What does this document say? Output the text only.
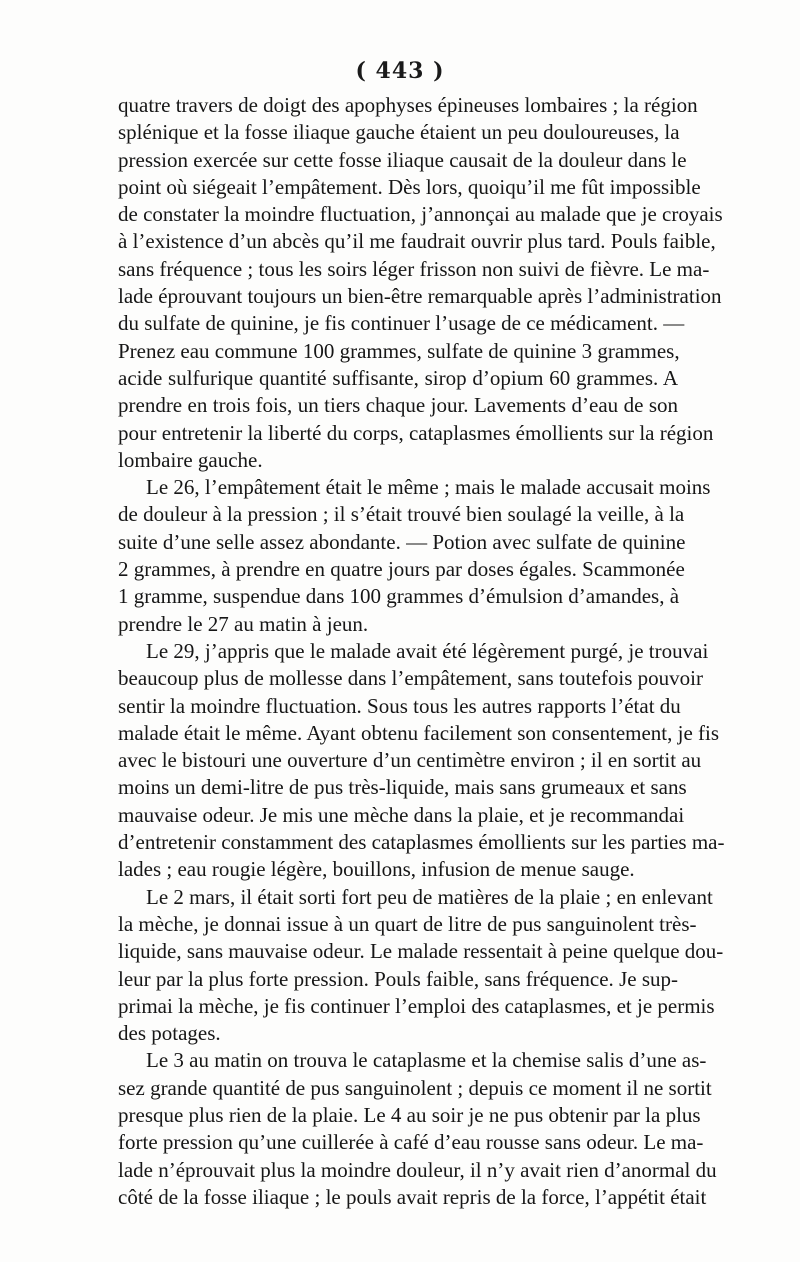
( 443 )
quatre travers de doigt des apophyses épineuses lombaires ; la région
splénique et la fosse iliaque gauche étaient un peu douloureuses, la
pression exercée sur cette fosse iliaque causait de la douleur dans le
point où siégeait l’empâtement. Dès lors, quoiqu’il me fût impossible
de constater la moindre fluctuation, j’annonçai au malade que je croyais
à l’existence d’un abcès qu’il me faudrait ouvrir plus tard. Pouls faible,
sans fréquence ; tous les soirs léger frisson non suivi de fièvre. Le ma-
lade éprouvant toujours un bien-être remarquable après l’administration
du sulfate de quinine, je fis continuer l’usage de ce médicament. —
Prenez eau commune 100 grammes, sulfate de quinine 3 grammes,
acide sulfurique quantité suffisante, sirop d’opium 60 grammes. A
prendre en trois fois, un tiers chaque jour. Lavements d’eau de son
pour entretenir la liberté du corps, cataplasmes émollients sur la région
lombaire gauche.
Le 26, l’empâtement était le même ; mais le malade accusait moins
de douleur à la pression ; il s’était trouvé bien soulagé la veille, à la
suite d’une selle assez abondante. — Potion avec sulfate de quinine
2 grammes, à prendre en quatre jours par doses égales. Scammonée
1 gramme, suspendue dans 100 grammes d’émulsion d’amandes, à
prendre le 27 au matin à jeun.
Le 29, j’appris que le malade avait été légèrement purgé, je trouvai
beaucoup plus de mollesse dans l’empâtement, sans toutefois pouvoir
sentir la moindre fluctuation. Sous tous les autres rapports l’état du
malade était le même. Ayant obtenu facilement son consentement, je fis
avec le bistouri une ouverture d’un centimètre environ ; il en sortit au
moins un demi-litre de pus très-liquide, mais sans grumeaux et sans
mauvaise odeur. Je mis une mèche dans la plaie, et je recommandai
d’entretenir constamment des cataplasmes émollients sur les parties ma-
lades ; eau rougie légère, bouillons, infusion de menue sauge.
Le 2 mars, il était sorti fort peu de matières de la plaie ; en enlevant
la mèche, je donnai issue à un quart de litre de pus sanguinolent très-
liquide, sans mauvaise odeur. Le malade ressentait à peine quelque dou-
leur par la plus forte pression. Pouls faible, sans fréquence. Je sup-
primai la mèche, je fis continuer l’emploi des cataplasmes, et je permis
des potages.
Le 3 au matin on trouva le cataplasme et la chemise salis d’une as-
sez grande quantité de pus sanguinolent ; depuis ce moment il ne sortit
presque plus rien de la plaie. Le 4 au soir je ne pus obtenir par la plus
forte pression qu’une cuillerée à café d’eau rousse sans odeur. Le ma-
lade n’éprouvait plus la moindre douleur, il n’y avait rien d’anormal du
côté de la fosse iliaque ; le pouls avait repris de la force, l’appétit était
